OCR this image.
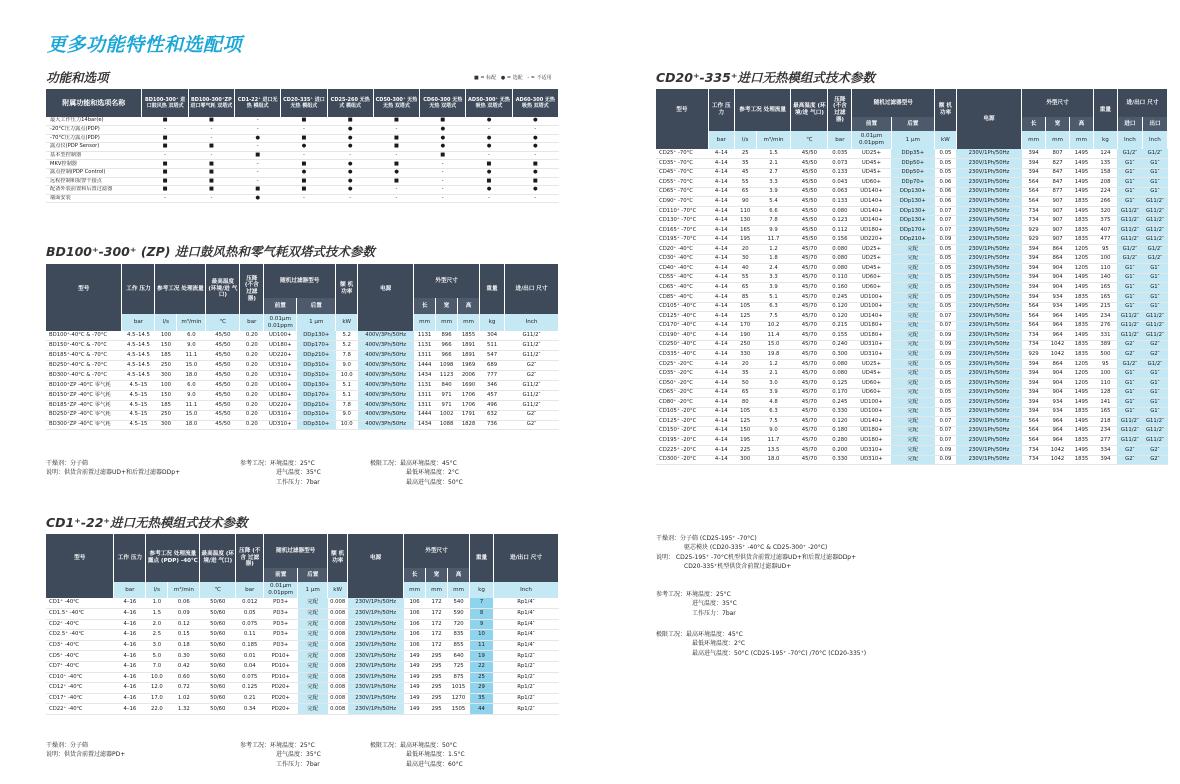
更多功能特性和选配项
功能和选项
BD100⁺-300⁺ (ZP) 进口鼓风热和零气耗双塔式技术参数
CD1⁺-22⁺进口无热模组式技术参数
CD20⁺-335⁺进口无热模组式技术参数
■ = 标配 ● = 选配 - = 不适用
附属功能和选项名称	BD100-300⁺ 进口鼓风热 双塔式	BD100-300⁺ZP 进口零气耗 双塔式	CD1-22⁺ 进口无热 模组式	CD20-335⁺ 进口无热 模组式	CD25-260 无热式 模组式	CD50-300⁺ 无热无热 双塔式	CD60-300 无热无热 双塔式	AD50-300⁺ 无热吸热 双塔式	AD60-300 无热吸热 双塔式
最大工作压力14bar(e)	■	■	-	■	■	■	■	●	●
-20°C压力露点(PDP)	-	-	-	-	●	-	●	-	-
-70°C压力露点(PDP)	■	-	●	■	●	■	●	●	●
露点仪(PDP Sensor)	■	■	-	●	●	■	●	●	●
基本型控制器	-	-	■	-	-	-	■	-	-
MKV控制器	■	■	-	■	●	■	-	■	■
露点控制(PDP Control)	■	■	-	●	●	●	-	●	●
远程控制和报警干接点	■	■	-	■	●	■	-	■	■
配备外装前置和后置过滤器	■	■	■	■	●	-	-	●	●
墙面安装	-	-	●	-	-	-	-	-	-
型号	工作 压力	参考工况 处理流量		最高温度 (环境/进 气口)	压降 (不含 过滤 器)	随机过滤器型号		额 机 功率	电源	外型尺寸			重量	进/出口 尺寸
						前置	后置			长	宽	高		
	bar	l/s	m³/min	℃	bar	0.01µm 0.01ppm	1 µm	kW		mm	mm	mm	kg	Inch
BD100⁺-40°C & -70°C	4.5–14.5	100	6.0	45/50	0.20	UD100+	DDp130+	5.2	400V/3Ph/50Hz	1131	896	1855	304	G11/2″
BD150⁺-40°C & -70°C	4.5–14.5	150	9.0	45/50	0.20	UD180+	DDp170+	5.2	400V/3Ph/50Hz	1131	966	1891	511	G11/2″
BD185⁺-40°C & -70°C	4.5–14.5	185	11.1	45/50	0.20	UD220+	DDp210+	7.8	400V/3Ph/50Hz	1311	966	1891	547	G11/2″
BD250⁺-40°C & -70°C	4.5–14.5	250	15.0	45/50	0.20	UD310+	DDp310+	9.0	400V/3Ph/50Hz	1444	1098	1969	689	G2″
BD300⁺-40°C & -70°C	4.5–14.5	300	18.0	45/50	0.20	UD310+	DDp310+	10.0	400V/3Ph/50Hz	1434	1123	2006	777	G2″
BD100⁺ZP -40°C 零气耗	4.5–15	100	6.0	45/50	0.20	UD100+	DDp130+	5.1	400V/3Ph/50Hz	1131	840	1690	346	G11/2″
BD150⁺ZP -40°C 零气耗	4.5–15	150	9.0	45/50	0.20	UD180+	DDp170+	5.1	400V/3Ph/50Hz	1311	971	1706	457	G11/2″
BD185⁺ZP -40°C 零气耗	4.5–15	185	11.1	45/50	0.20	UD220+	DDp210+	7.8	400V/3Ph/50Hz	1311	971	1706	496	G11/2″
BD250⁺ZP -40°C 零气耗	4.5–15	250	15.0	45/50	0.20	UD310+	DDp310+	9.0	400V/3Ph/50Hz	1444	1002	1791	632	G2″
BD300⁺ZP -40°C 零气耗	4.5–15	300	18.0	45/50	0.20	UD310+	DDp310+	10.0	400V/3Ph/50Hz	1434	1088	1828	736	G2″
干燥剂：分子筛
说明：供货含前置过滤器UD+和后置过滤器DDp+
参考工况：环境温度：25°C
进气温度：35°C
工作压力：7bar
极限工况：最高环境温度：45°C
最低环境温度：2°C
最高进气温度：50°C
型号	工作 压力	参考工况 处理流量 露点 (PDP) -40℃		最高温度 (环境/进 气口)	压降 (不含 过滤 器)	随机过滤器型号		额 机 功率	电源	外型尺寸			重量	进/出口 尺寸
						前置	后置			长	宽	高		
	bar	l/s	m³/min	℃	bar	0.01µm 0.01ppm	1 µm	kW		mm	mm	mm	kg	Inch
CD1⁺ -40℃	4–16	1.0	0.06	50/60	0.012	PD3+	完配	0.008	230V/1Ph/50Hz	106	172	540	7	Rp1/4″
CD1.5⁺ -40℃	4–16	1.5	0.09	50/60	0.05	PD3+	完配	0.008	230V/1Ph/50Hz	106	172	590	8	Rp1/4″
CD2⁺ -40℃	4–16	2.0	0.12	50/60	0.075	PD3+	完配	0.008	230V/1Ph/50Hz	106	172	720	9	Rp1/4″
CD2.5⁺ -40℃	4–16	2.5	0.15	50/60	0.11	PD3+	完配	0.008	230V/1Ph/50Hz	106	172	835	10	Rp1/4″
CD3⁺ -40℃	4–16	3.0	0.18	50/60	0.185	PD3+	完配	0.008	230V/1Ph/50Hz	106	172	855	11	Rp1/4″
CD5⁺ -40℃	4–16	5.0	0.30	50/60	0.01	PD10+	完配	0.008	230V/1Ph/50Hz	149	295	640	19	Rp1/2″
CD7⁺ -40℃	4–16	7.0	0.42	50/60	0.04	PD10+	完配	0.008	230V/1Ph/50Hz	149	295	725	22	Rp1/2″
CD10⁺ -40℃	4–16	10.0	0.60	50/60	0.075	PD10+	完配	0.008	230V/1Ph/50Hz	149	295	875	25	Rp1/2″
CD12⁺ -40℃	4–16	12.0	0.72	50/60	0.125	PD20+	完配	0.008	230V/1Ph/50Hz	149	295	1015	29	Rp1/2″
CD17⁺ -40℃	4–16	17.0	1.02	50/60	0.21	PD20+	完配	0.008	230V/1Ph/50Hz	149	295	1270	35	Rp1/2″
CD22⁺ -40℃	4–16	22.0	1.32	50/60	0.34	PD20+	完配	0.008	230V/1Ph/50Hz	149	295	1505	44	Rp1/2″
干燥剂：分子筛
说明：供货含前置过滤器PD+
参考工况：环境温度：25°C
进气温度：35°C
工作压力：7bar
极限工况：最高环境温度：50°C
最低环境温度：1.5°C
最高进气温度：60°C
型号	工作 压力	参考工况 处理流量		最高温度 (环境/进 气口)	压降 (不含 过滤 器)	随机过滤器型号		额 机 功率	电源	外型尺寸			重量	进/出口 尺寸	
						前置	后置			长	宽	高		进口	出口
	bar	l/s	m³/min	℃	bar	0.01µm 0.01ppm	1 µm	kW		mm	mm	mm	kg	Inch	Inch
CD25⁺ -70°C	4–14	25	1.5	45/50	0.035	UD25+	DDp35+	0.05	230V/1Ph/50Hz	394	807	1495	124	G1/2″	G1/2″
CD35⁺ -70°C	4–14	35	2.1	45/50	0.073	UD45+	DDp50+	0.05	230V/1Ph/50Hz	394	827	1495	135	G1″	G1″
CD45⁺ -70°C	4–14	45	2.7	45/50	0.133	UD45+	DDp50+	0.05	230V/1Ph/50Hz	394	847	1495	158	G1″	G1″
CD55⁺ -70°C	4–14	55	3.3	45/50	0.043	UD60+	DDp70+	0.06	230V/1Ph/50Hz	564	847	1495	208	G1″	G1″
CD65⁺ -70°C	4–14	65	3.9	45/50	0.063	UD140+	DDp130+	0.06	230V/1Ph/50Hz	564	877	1495	224	G1″	G1″
CD90⁺ -70°C	4–14	90	5.4	45/50	0.133	UD140+	DDp130+	0.06	230V/1Ph/50Hz	564	907	1835	266	G1″	G11/2″
CD110⁺ -70°C	4–14	110	6.6	45/50	0.080	UD140+	DDp130+	0.07	230V/1Ph/50Hz	734	907	1495	320	G11/2″	G11/2″
CD130⁺ -70°C	4–14	130	7.8	45/50	0.123	UD140+	DDp130+	0.07	230V/1Ph/50Hz	734	907	1835	375	G11/2″	G11/2″
CD165⁺ -70°C	4–14	165	9.9	45/50	0.112	UD180+	DDp170+	0.07	230V/1Ph/50Hz	929	907	1835	407	G11/2″	G11/2″
CD195⁺ -70°C	4–14	195	11.7	45/50	0.156	UD220+	DDp210+	0.09	230V/1Ph/50Hz	929	907	1835	477	G11/2″	G11/2″
CD20⁺ -40°C	4–14	20	1.2	45/70	0.080	UD25+	完配	0.05	230V/1Ph/50Hz	394	864	1205	95	G1/2″	G1/2″
CD30⁺ -40°C	4–14	30	1.8	45/70	0.080	UD25+	完配	0.05	230V/1Ph/50Hz	394	864	1205	100	G1/2″	G1/2″
CD40⁺ -40°C	4–14	40	2.4	45/70	0.080	UD45+	完配	0.05	230V/1Ph/50Hz	394	904	1205	110	G1″	G1″
CD55⁺ -40°C	4–14	55	3.3	45/70	0.110	UD60+	完配	0.05	230V/1Ph/50Hz	394	904	1495	140	G1″	G1″
CD65⁺ -40°C	4–14	65	3.9	45/70	0.160	UD60+	完配	0.05	230V/1Ph/50Hz	394	904	1495	165	G1″	G1″
CD85⁺ -40°C	4–14	85	5.1	45/70	0.245	UD100+	完配	0.05	230V/1Ph/50Hz	394	934	1835	165	G1″	G1″
CD105⁺ -40°C	4–14	105	6.3	45/70	0.120	UD100+	完配	0.05	230V/1Ph/50Hz	564	934	1495	215	G1″	G1″
CD125⁺ -40°C	4–14	125	7.5	45/70	0.120	UD140+	完配	0.07	230V/1Ph/50Hz	564	964	1495	234	G11/2″	G11/2″
CD170⁺ -40°C	4–14	170	10.2	45/70	0.215	UD180+	完配	0.07	230V/1Ph/50Hz	564	964	1835	276	G11/2″	G11/2″
CD190⁺ -40°C	4–14	190	11.4	45/70	0.155	UD180+	完配	0.09	230V/1Ph/50Hz	734	964	1495	331	G11/2″	G11/2″
CD250⁺ -40°C	4–14	250	15.0	45/70	0.240	UD310+	完配	0.09	230V/1Ph/50Hz	734	1042	1835	389	G2″	G2″
CD335⁺ -40°C	4–14	330	19.8	45/70	0.300	UD310+	完配	0.09	230V/1Ph/50Hz	929	1042	1835	500	G2″	G2″
CD25⁺ -20°C	4–14	20	1.2	45/70	0.080	UD25+	完配	0.05	230V/1Ph/50Hz	394	864	1205	95	G1/2″	G1/2″
CD35⁺ -20°C	4–14	35	2.1	45/70	0.080	UD45+	完配	0.05	230V/1Ph/50Hz	394	904	1205	100	G1″	G1″
CD50⁺ -20°C	4–14	50	3.0	45/70	0.125	UD60+	完配	0.05	230V/1Ph/50Hz	394	904	1205	110	G1″	G1″
CD65⁺ -20°C	4–14	65	3.9	45/70	0.170	UD60+	完配	0.05	230V/1Ph/50Hz	394	904	1495	128	G1″	G1″
CD80⁺ -20°C	4–14	80	4.8	45/70	0.245	UD100+	完配	0.05	230V/1Ph/50Hz	394	934	1495	141	G1″	G1″
CD105⁺ -20°C	4–14	105	6.3	45/70	0.330	UD100+	完配	0.05	230V/1Ph/50Hz	394	934	1835	165	G1″	G1″
CD125⁺ -20°C	4–14	125	7.5	45/70	0.120	UD140+	完配	0.07	230V/1Ph/50Hz	564	964	1495	218	G11/2″	G11/2″
CD150⁺ -20°C	4–14	150	9.0	45/70	0.180	UD180+	完配	0.07	230V/1Ph/50Hz	564	964	1495	234	G11/2″	G11/2″
CD195⁺ -20°C	4–14	195	11.7	45/70	0.280	UD180+	完配	0.07	230V/1Ph/50Hz	564	964	1835	277	G11/2″	G11/2″
CD225⁺ -20°C	4–14	225	13.5	45/70	0.200	UD310+	完配	0.09	230V/1Ph/50Hz	734	1042	1495	334	G2″	G2″
CD300⁺ -20°C	4–14	300	18.0	45/70	0.330	UD310+	完配	0.09	230V/1Ph/50Hz	734	1042	1835	394	G2″	G2″
干燥剂：分子筛 (CD25-195⁺ -70°C)
驱芯模块 (CD20-335⁺ -40°C & CD25-300⁺ -20°C)
说明： CD25-195⁺ -70°C机型供货含前置过滤器UD+和后置过滤器DDp+
CD20-335⁺机型供货含前置过滤器UD+
参考工况：环境温度：25°C
进气温度：35°C
工作压力：7bar
极限工况：最高环境温度：45°C
最低环境温度：2°C
最高进气温度：50°C (CD25-195⁺ -70°C) /70°C (CD20-335⁺)
